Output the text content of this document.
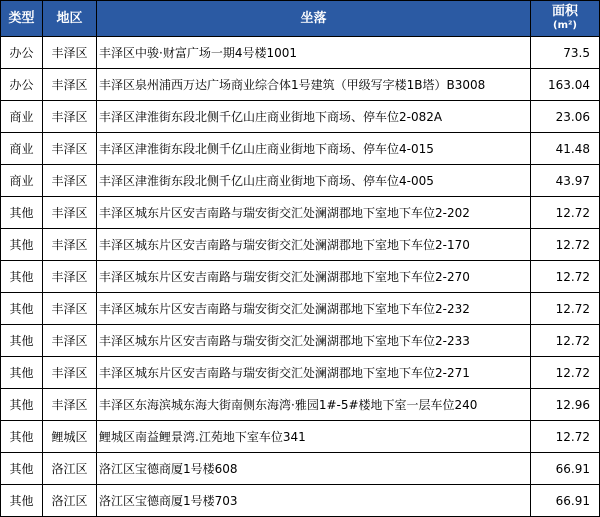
类型	地区	坐落	面积
(m²)

办公	丰泽区	丰泽区中骏·财富广场一期4号楼1001	73.5
办公	丰泽区	丰泽区泉州浦西万达广场商业综合体1号建筑（甲级写字楼1B塔）B3008	163.04
商业	丰泽区	丰泽区津淮街东段北侧千亿山庄商业街地下商场、停车位2-082A	23.06
商业	丰泽区	丰泽区津淮街东段北侧千亿山庄商业街地下商场、停车位4-015	41.48
商业	丰泽区	丰泽区津淮街东段北侧千亿山庄商业街地下商场、停车位4-005	43.97
其他	丰泽区	丰泽区城东片区安吉南路与瑞安街交汇处澜湖郡地下室地下车位2-202	12.72
其他	丰泽区	丰泽区城东片区安吉南路与瑞安街交汇处澜湖郡地下室地下车位2-170	12.72
其他	丰泽区	丰泽区城东片区安吉南路与瑞安街交汇处澜湖郡地下室地下车位2-270	12.72
其他	丰泽区	丰泽区城东片区安吉南路与瑞安街交汇处澜湖郡地下室地下车位2-232	12.72
其他	丰泽区	丰泽区城东片区安吉南路与瑞安街交汇处澜湖郡地下室地下车位2-233	12.72
其他	丰泽区	丰泽区城东片区安吉南路与瑞安街交汇处澜湖郡地下室地下车位2-271	12.72
其他	丰泽区	丰泽区东海滨城东海大街南侧东海湾·雅园1#-5#楼地下室一层车位240	12.96
其他	鲤城区	鲤城区南益鲤景湾.江苑地下室车位341	12.72
其他	洛江区	洛江区宝德商厦1号楼608	66.91
其他	洛江区	洛江区宝德商厦1号楼703	66.91
